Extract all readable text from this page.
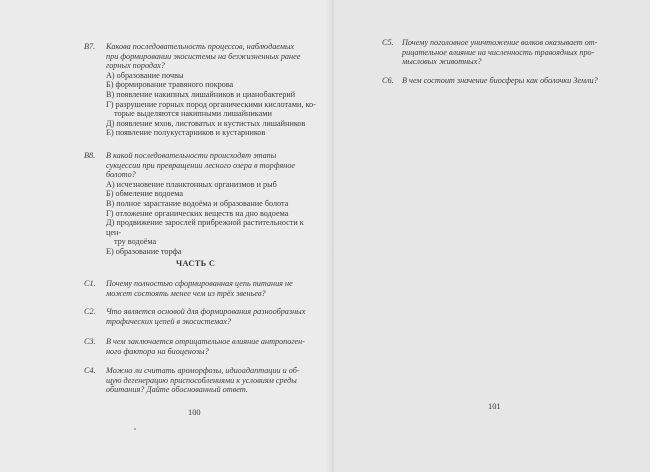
B7. Какова последовательность процессов, наблюдаемых
при формировании экосистемы на безжизненных ранее
горных породах?
А) образование почвы
Б) формирование травяного покрова
В) появление накипных лишайников и цианобактерий
Г) разрушение горных пород органическими кислотами, ко-
торые выделяются накипными лишайниками
Д) появление мхов, листоватых и кустистых лишайников
Е) появление полукустарников и кустарников
B8. В какой последовательности происходят этапы
сукцессии при превращении лесного озера в торфяное
болото?
А) исчезновение планктонных организмов и рыб
Б) обмеление водоема
В) полное зарастание водоёма и образование болота
Г) отложение органических веществ на дно водоема
Д) продвижение зарослей прибрежной растительности к цен-
тру водоёма
Е) образование торфа
ЧАСТЬ С
C1. Почему полностью сформированная цепь питания не
может состоять менее чем из трёх звеньев?
C2. Что является основой для формирования разнообразных
трофических цепей в экосистемах?
C3. В чем заключается отрицательное влияние антропоген-
ного фактора на биоценозы?
C4. Можно ли считать ароморфозы, идиоадаптации и об-
щую дегенерацию приспособлениями к условиям среды
обитания? Дайте обоснованный ответ.
100
C5. Почему поголовное уничтожение волков оказывает от-
рицательное влияние на численность травоядных про-
мысловых животных?
C6. В чем состоит значение биосферы как оболочки Земли?
101
